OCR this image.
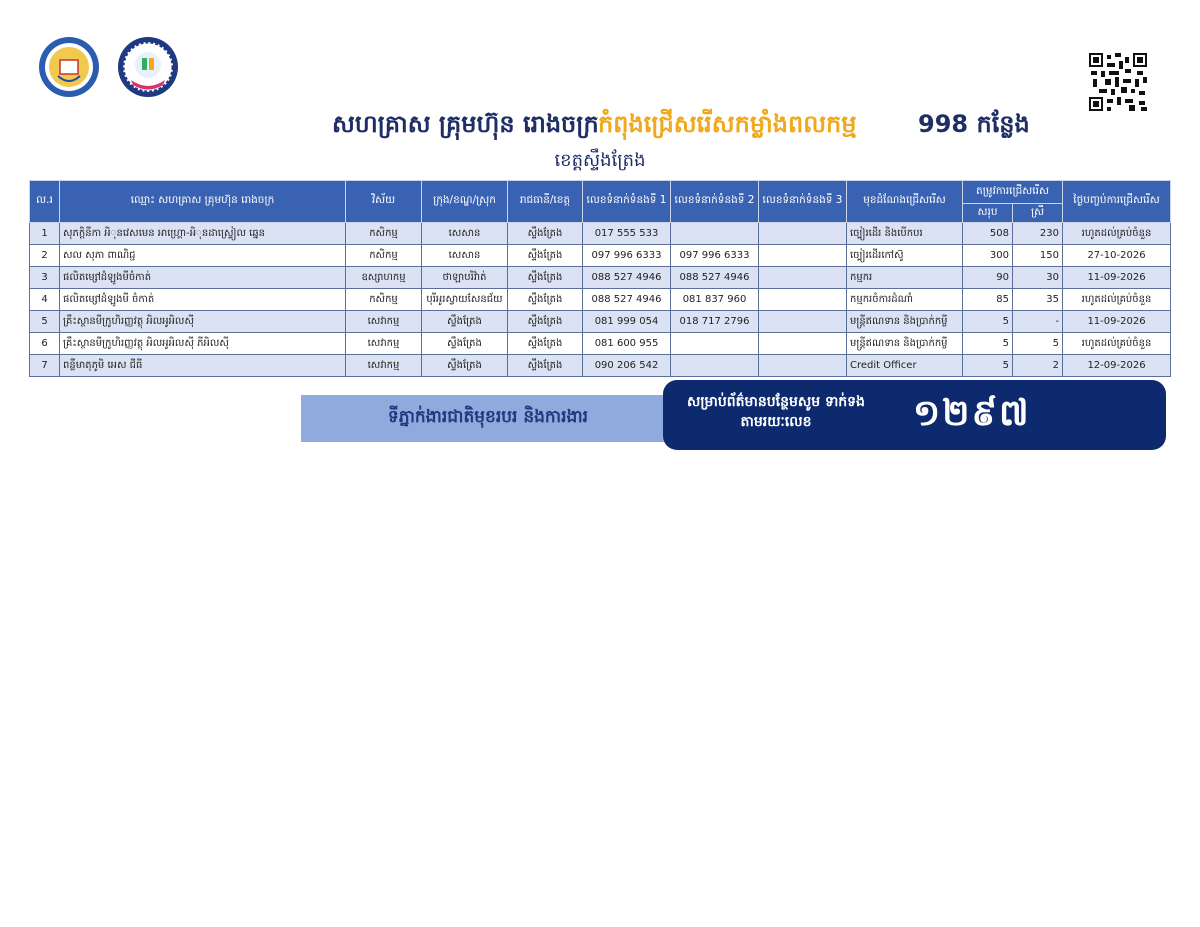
សហគ្រាស គ្រុមហ៊ុន រោងចក្រ កំពុងជ្រើសរើសកម្លាំងពលកម្ម	998 កន្លែង
ខេត្តស្ទឹងត្រែង
ល.រ	ឈ្មោះ សហគ្រាស គ្រុមហ៊ុន រោងចក្រ	វិស័យ	ក្រុង/ខណ្ឌ/ស្រុក	រាជធានី/ខេត្ត	លេខទំនាក់ទំនងទី 1	លេខទំនាក់ទំនងទី 2	លេខទំនាក់ទំនងទី 3	មុខដំណែងជ្រើសរើស	តម្រូវការជ្រើសរើស		ថ្ងៃបញ្ចប់ការជ្រើសរើស
									សរុប	ស្រី	
1	សុភក្តិនីកា អិុនវេសមេន អាហ្គ្រោ-អិុនដាស្ទ្រៀល ឆ្នេន	កសិកម្ម	សេសាន	ស្ទឹងត្រែង	017 555 533			ច្បៀរដើរ និងបើកបរ	508	230	រហូតដល់គ្រប់ចំនួន
2	សល សុភា ពាណិជ្ជ	កសិកម្ម	សេសាន	ស្ទឹងត្រែង	097 996 6333	097 996 6333		ច្បៀរដើរកៅស៊ូ	300	150	27-10-2026
3	ផលិតម្សៅដំឡូងមីចំកាត់	ឧស្សាហកម្ម	ថាឡាបរិវ៉ាត់	ស្ទឹងត្រែង	088 527 4946	088 527 4946		កម្មករ	90	30	11-09-2026
4	ផលិតម្សៅដំឡូងមី ចំកាត់	កសិកម្ម	បុរីអូរស្វាយសែនជ័យ	ស្ទឹងត្រែង	088 527 4946	081 837 960		កម្មករចំការដំណាំ	85	35	រហូតដល់គ្រប់ចំនួន
5	គ្រឹះស្ថានមីក្រូហិរញ្ញវត្ថុ អិលអូអិលស៊ី	សេវាកម្ម	ស្ទឹងត្រែង	ស្ទឹងត្រែង	081 999 054	018 717 2796		មន្ត្រីឥណទាន និងប្រាក់កម្ចី	5	-	11-09-2026
6	គ្រឹះស្ថានមីក្រូហិរញ្ញវត្ថុ អិលអូអិលស៊ី ភីអិលស៊ី	សេវាកម្ម	ស្ទឹងត្រែង	ស្ទឹងត្រែង	081 600 955			មន្ត្រីឥណទាន និងប្រាក់កម្ចី	5	5	រហូតដល់គ្រប់ចំនួន
7	ពន្លឺមាតុភូមិ អេស ជីធី	សេវាកម្ម	ស្ទឹងត្រែង	ស្ទឹងត្រែង	090 206 542			Credit Officer	5	2	12-09-2026
ទីភ្នាក់ងារជាតិមុខរបរ និងការងារ
សម្រាប់ព័ត៌មានបន្ថែមសូម ទាក់ទងតាមរយៈលេខ	១២៩៧
